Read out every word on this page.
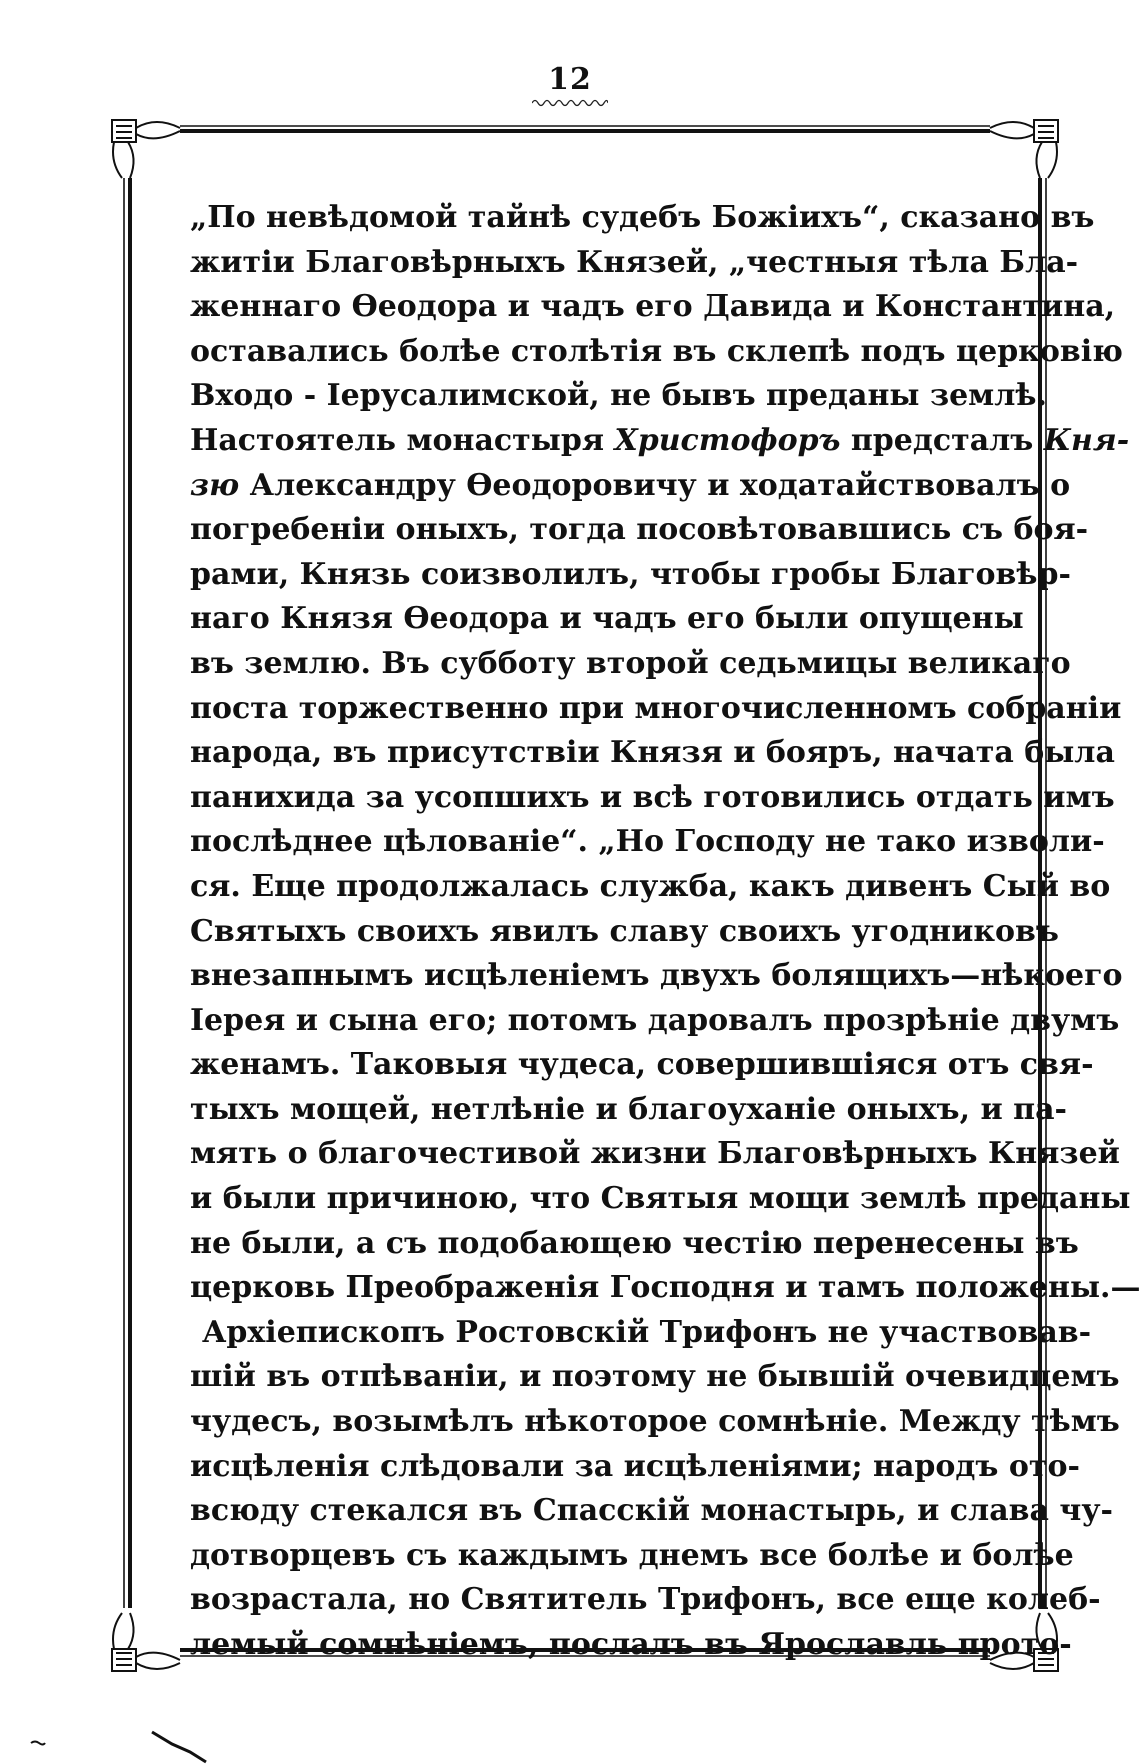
12
„По невѣдомой тайнѣ судебъ Божіихъ“, сказано въ
житіи Благовѣрныхъ Князей, „честныя тѣла Бла-
женнаго Ѳеодора и чадъ его Давида и Константина,
оставались болѣе столѣтія въ склепѣ подъ церковію
Входо - Іерусалимской, не бывъ преданы землѣ.
Настоятель монастыря Христофоръ предсталъ Кня-
зю Александру Ѳеодоровичу и ходатайствовалъ о
погребеніи оныхъ, тогда посовѣтовавшись съ боя-
рами, Князь соизволилъ, чтобы гробы Благовѣр-
наго Князя Ѳеодора и чадъ его были опущены
въ землю. Въ субботу второй седьмицы великаго
поста торжественно при многочисленномъ собраніи
народа, въ присутствіи Князя и бояръ, начата была
панихида за усопшихъ и всѣ готовились отдать имъ
послѣднее цѣлованіе“. „Но Господу не тако изволи-
ся. Еще продолжалась служба, какъ дивенъ Сый во
Святыхъ своихъ явилъ славу своихъ угодниковъ
внезапнымъ исцѣленіемъ двухъ болящихъ—нѣкоего
Іерея и сына его; потомъ даровалъ прозрѣніе двумъ
женамъ. Таковыя чудеса, совершившіяся отъ свя-
тыхъ мощей, нетлѣніе и благоуханіе оныхъ, и па-
мять о благочестивой жизни Благовѣрныхъ Князей
и были причиною, что Святыя мощи землѣ преданы
не были, а съ подобающею честію перенесены въ
церковь Преображенія Господня и тамъ положены.—
Архіепископъ Ростовскій Трифонъ не участвовав-
шій въ отпѣваніи, и поэтому не бывшій очевидцемъ
чудесъ, возымѣлъ нѣкоторое сомнѣніе. Между тѣмъ
исцѣленія слѣдовали за исцѣленіями; народъ ото-
всюду стекался въ Спасскій монастырь, и слава чу-
дотворцевъ съ каждымъ днемъ все болѣе и болѣе
возрастала, но Святитель Трифонъ, все еще колеб-
лемый сомнѣніемъ, послалъ въ Ярославль прото-
